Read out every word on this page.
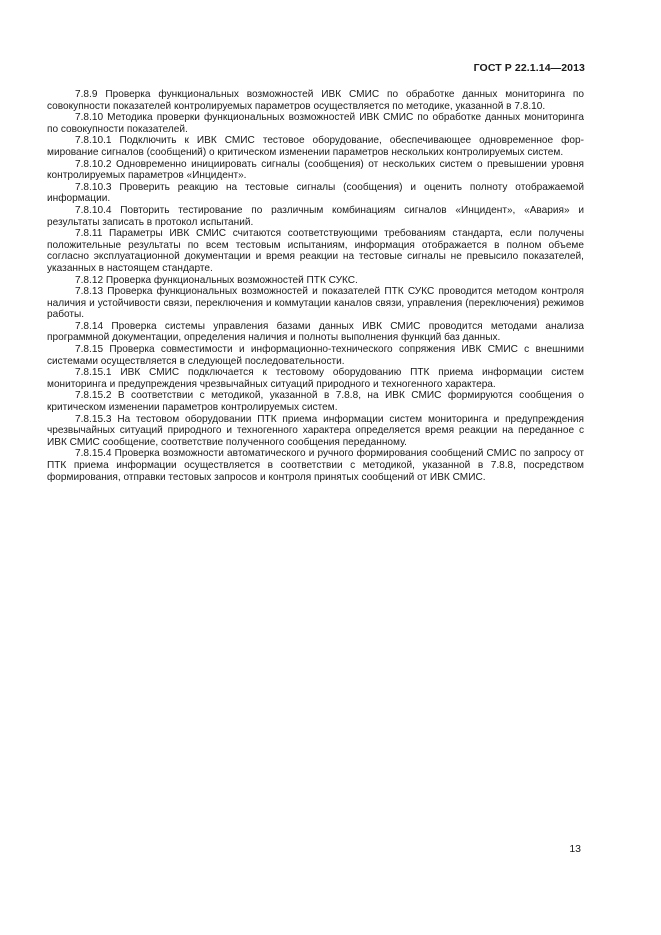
ГОСТ Р 22.1.14—2013

7.8.9 Проверка функциональных возможностей ИВК СМИС по обработке данных мониторинга по совокупности показателей контролируемых параметров осуществляется по методике, указанной в 7.8.10.

7.8.10 Методика проверки функциональных возможностей ИВК СМИС по обработке данных мониторинга по совокупности показателей.

7.8.10.1 Подключить к ИВК СМИС тестовое оборудование, обеспечивающее одновременное формирование сигналов (сообщений) о критическом изменении параметров нескольких контролируемых систем.

7.8.10.2 Одновременно инициировать сигналы (сообщения) от нескольких систем о превышении уровня контролируемых параметров «Инцидент».

7.8.10.3 Проверить реакцию на тестовые сигналы (сообщения) и оценить полноту отображаемой информации.

7.8.10.4 Повторить тестирование по различным комбинациям сигналов «Инцидент», «Авария» и результаты записать в протокол испытаний.

7.8.11 Параметры ИВК СМИС считаются соответствующими требованиям стандарта, если получены положительные результаты по всем тестовым испытаниям, информация отображается в полном объеме согласно эксплуатационной документации и время реакции на тестовые сигналы не превысило показателей, указанных в настоящем стандарте.

7.8.12 Проверка функциональных возможностей ПТК СУКС.

7.8.13 Проверка функциональных возможностей и показателей ПТК СУКС проводится методом контроля наличия и устойчивости связи, переключения и коммутации каналов связи, управления (переключения) режимов работы.

7.8.14 Проверка системы управления базами данных ИВК СМИС проводится методами анализа программной документации, определения наличия и полноты выполнения функций баз данных.

7.8.15 Проверка совместимости и информационно-технического сопряжения ИВК СМИС с внешними системами осуществляется в следующей последовательности.

7.8.15.1 ИВК СМИС подключается к тестовому оборудованию ПТК приема информации систем мониторинга и предупреждения чрезвычайных ситуаций природного и техногенного характера.

7.8.15.2 В соответствии с методикой, указанной в 7.8.8, на ИВК СМИС формируются сообщения о критическом изменении параметров контролируемых систем.

7.8.15.3 На тестовом оборудовании ПТК приема информации систем мониторинга и предупреждения чрезвычайных ситуаций природного и техногенного характера определяется время реакции на переданное с ИВК СМИС сообщение, соответствие полученного сообщения переданному.

7.8.15.4 Проверка возможности автоматического и ручного формирования сообщений СМИС по запросу от ПТК приема информации осуществляется в соответствии с методикой, указанной в 7.8.8, посредством формирования, отправки тестовых запросов и контроля принятых сообщений от ИВК СМИС.

13
